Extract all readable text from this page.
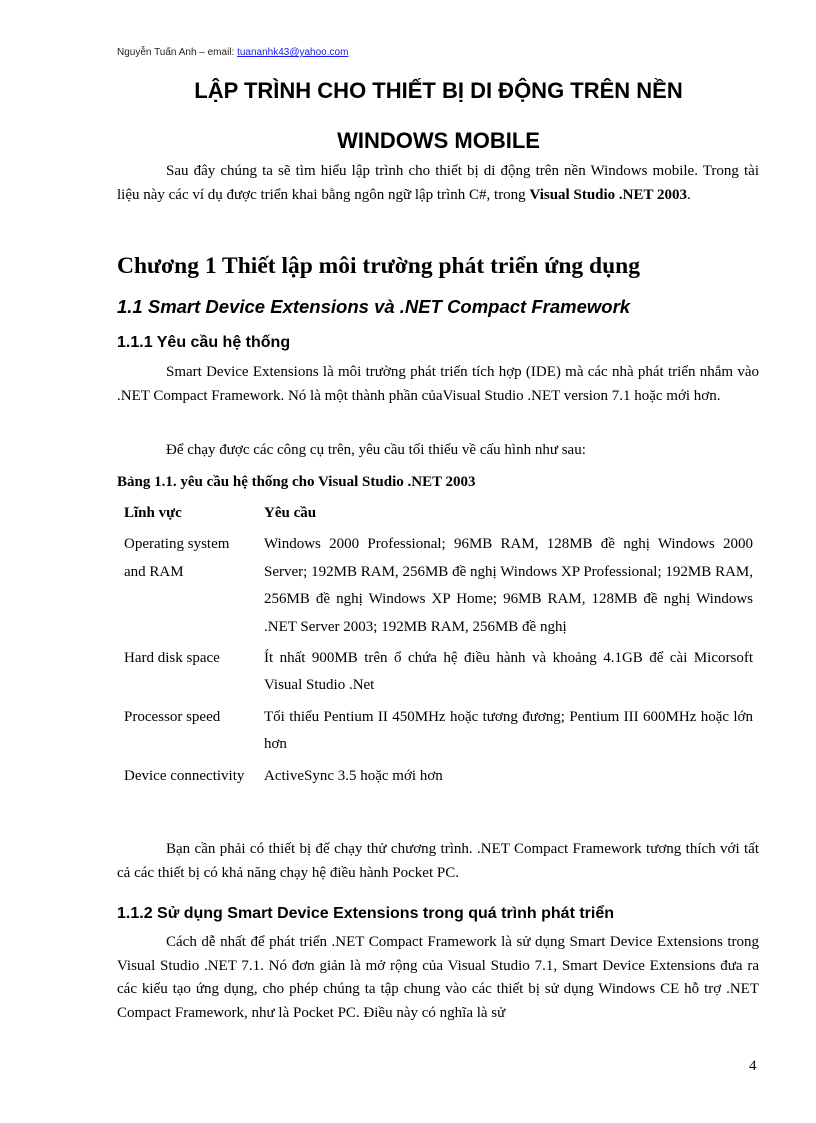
Nguyễn Tuấn Anh – email: tuananhk43@yahoo.com
LẬP TRÌNH CHO THIẾT BỊ DI ĐỘNG TRÊN NỀN
WINDOWS MOBILE
Sau đây chúng ta sẽ tìm hiểu lập trình cho thiết bị di động trên nền Windows mobile. Trong tài liệu này các ví dụ được triển khai bằng ngôn ngữ lập trình C#, trong Visual Studio .NET 2003.
Chương 1 Thiết lập môi trường phát triển ứng dụng
1.1 Smart Device Extensions và .NET Compact Framework
1.1.1 Yêu cầu hệ thống
Smart Device Extensions là môi trường phát triển tích hợp (IDE) mà các nhà phát triển nhắm vào .NET Compact Framework. Nó là một thành phần củaVisual Studio .NET version 7.1 hoặc mới hơn.
Để chạy được các công cụ trên, yêu cầu tối thiểu về cấu hình như sau:
Bảng 1.1. yêu cầu hệ thống cho Visual Studio .NET 2003
Lĩnh vực	Yêu cầu
Operating system and RAM	Windows 2000 Professional; 96MB RAM, 128MB đề nghị Windows 2000 Server; 192MB RAM, 256MB đề nghị Windows XP Professional; 192MB RAM, 256MB đề nghị Windows XP Home; 96MB RAM, 128MB đề nghị Windows .NET Server 2003; 192MB RAM, 256MB đề nghị
Hard disk space	Ít nhất 900MB trên ổ chứa hệ điều hành và khoảng 4.1GB để cài Micorsoft Visual Studio .Net
Processor speed	Tối thiểu Pentium II 450MHz hoặc tương đương; Pentium III 600MHz hoặc lớn hơn
Device connectivity	ActiveSync 3.5 hoặc mới hơn
Bạn cần phải có thiết bị để chạy thử chương trình. .NET Compact Framework tương thích với tất cả các thiết bị có khả năng chạy hệ điều hành Pocket PC.
1.1.2 Sử dụng Smart Device Extensions trong quá trình phát triển
Cách dễ nhất để phát triển .NET Compact Framework là sử dụng Smart Device Extensions trong Visual Studio .NET 7.1. Nó đơn giản là mở rộng của Visual Studio 7.1, Smart Device Extensions đưa ra các kiểu tạo ứng dụng, cho phép chúng ta tập chung vào các thiết bị sử dụng Windows CE hỗ trợ .NET Compact Framework, như là Pocket PC. Điều này có nghĩa là sử
4
